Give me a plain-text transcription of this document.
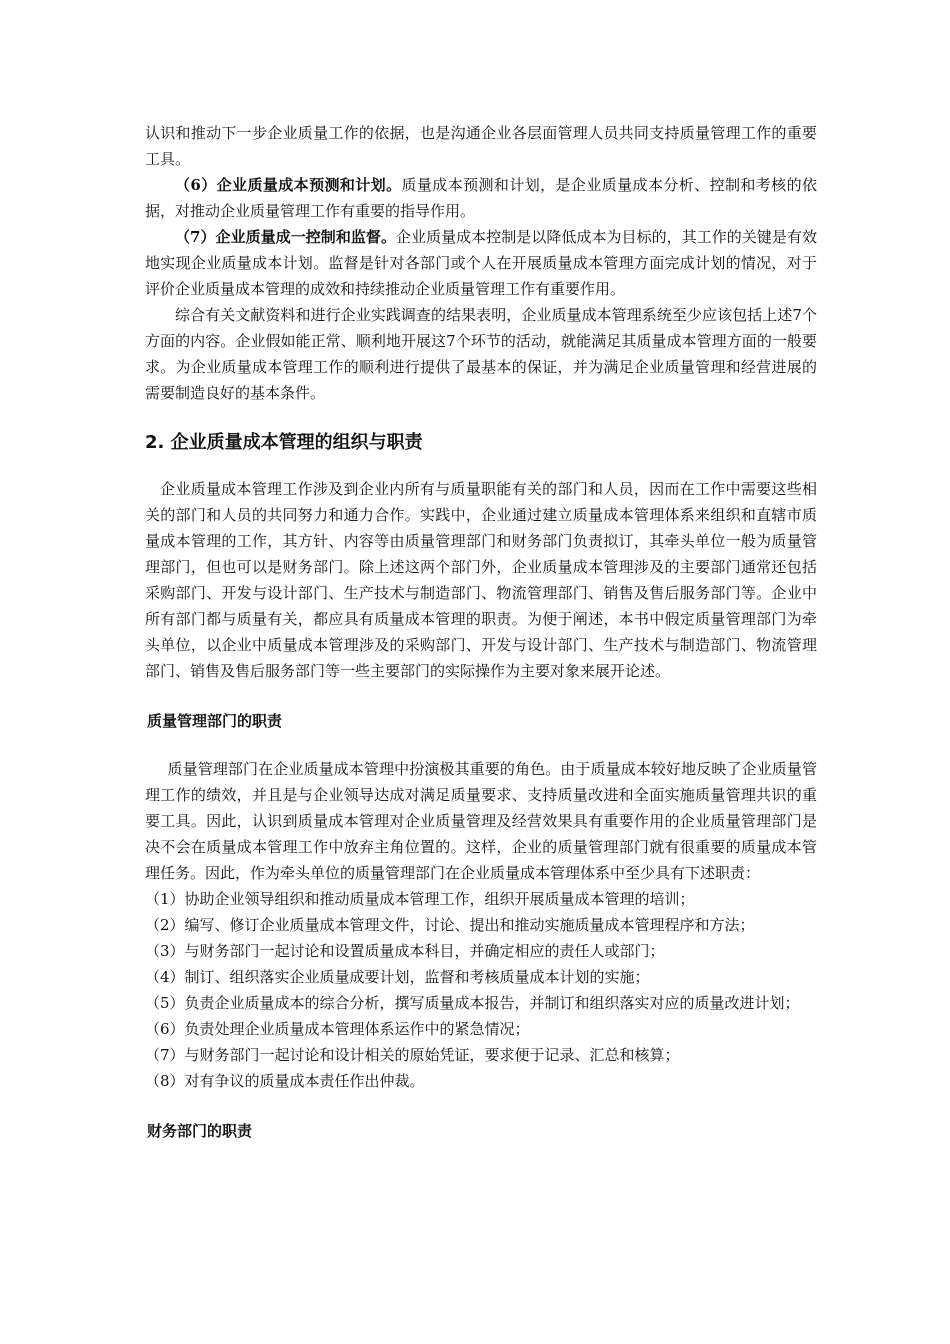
认识和推动下一步企业质量工作的依据，也是沟通企业各层面管理人员共同支持质量管理工作的重要工具。

（6）企业质量成本预测和计划。质量成本预测和计划，是企业质量成本分析、控制和考核的依据，对推动企业质量管理工作有重要的指导作用。

（7）企业质量成一控制和监督。企业质量成本控制是以降低成本为目标的，其工作的关键是有效地实现企业质量成本计划。监督是针对各部门或个人在开展质量成本管理方面完成计划的情况，对于评价企业质量成本管理的成效和持续推动企业质量管理工作有重要作用。

综合有关文献资料和进行企业实践调查的结果表明，企业质量成本管理系统至少应该包括上述7个方面的内容。企业假如能正常、顺利地开展这7个环节的活动，就能满足其质量成本管理方面的一般要求。为企业质量成本管理工作的顺利进行提供了最基本的保证，并为满足企业质量管理和经营进展的需要制造良好的基本条件。

2. 企业质量成本管理的组织与职责

企业质量成本管理工作涉及到企业内所有与质量职能有关的部门和人员，因而在工作中需要这些相关的部门和人员的共同努力和通力合作。实践中，企业通过建立质量成本管理体系来组织和直辖市质量成本管理的工作，其方针、内容等由质量管理部门和财务部门负责拟订，其牵头单位一般为质量管理部门，但也可以是财务部门。除上述这两个部门外，企业质量成本管理涉及的主要部门通常还包括采购部门、开发与设计部门、生产技术与制造部门、物流管理部门、销售及售后服务部门等。企业中所有部门都与质量有关，都应具有质量成本管理的职责。为便于阐述，本书中假定质量管理部门为牵头单位，以企业中质量成本管理涉及的采购部门、开发与设计部门、生产技术与制造部门、物流管理部门、销售及售后服务部门等一些主要部门的实际操作为主要对象来展开论述。

质量管理部门的职责

质量管理部门在企业质量成本管理中扮演极其重要的角色。由于质量成本较好地反映了企业质量管理工作的绩效，并且是与企业领导达成对满足质量要求、支持质量改进和全面实施质量管理共识的重要工具。因此，认识到质量成本管理对企业质量管理及经营效果具有重要作用的企业质量管理部门是决不会在质量成本管理工作中放弃主角位置的。这样，企业的质量管理部门就有很重要的质量成本管理任务。因此，作为牵头单位的质量管理部门在企业质量成本管理体系中至少具有下述职责：

（1）协助企业领导组织和推动质量成本管理工作，组织开展质量成本管理的培训；

（2）编写、修订企业质量成本管理文件，讨论、提出和推动实施质量成本管理程序和方法；

（3）与财务部门一起讨论和设置质量成本科目，并确定相应的责任人或部门；

（4）制订、组织落实企业质量成要计划，监督和考核质量成本计划的实施；

（5）负责企业质量成本的综合分析，撰写质量成本报告，并制订和组织落实对应的质量改进计划；

（6）负责处理企业质量成本管理体系运作中的紧急情况；

（7）与财务部门一起讨论和设计相关的原始凭证，要求便于记录、汇总和核算；

（8）对有争议的质量成本责任作出仲裁。

财务部门的职责
